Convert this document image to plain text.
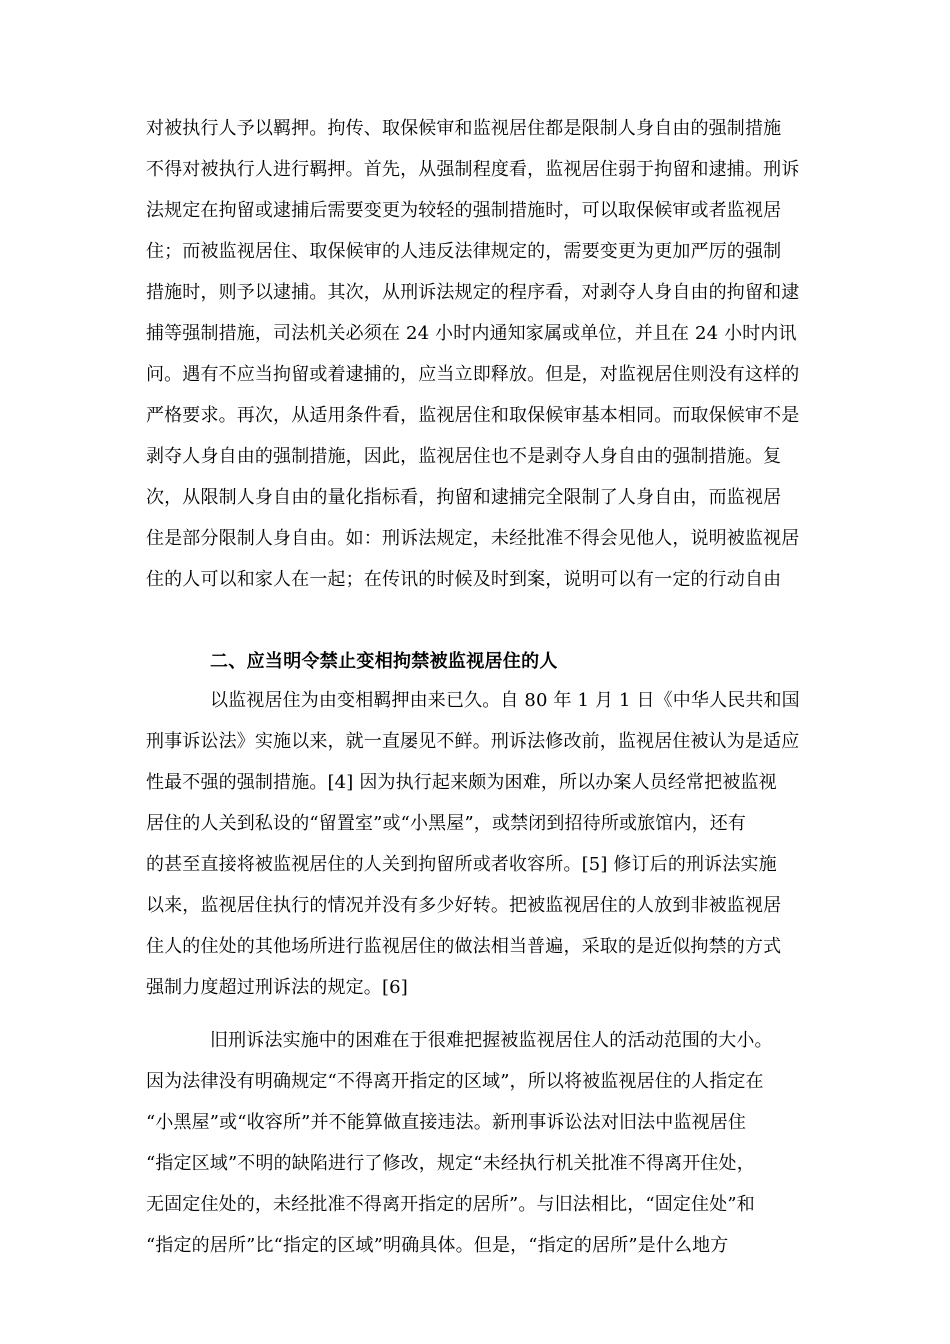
对被执行人予以羁押。拘传、取保候审和监视居住都是限制人身自由的强制措施
不得对被执行人进行羁押。首先，从强制程度看，监视居住弱于拘留和逮捕。刑诉
法规定在拘留或逮捕后需要变更为较轻的强制措施时，可以取保候审或者监视居
住；而被监视居住、取保候审的人违反法律规定的，需要变更为更加严厉的强制
措施时，则予以逮捕。其次，从刑诉法规定的程序看，对剥夺人身自由的拘留和逮
捕等强制措施，司法机关必须在 24 小时内通知家属或单位，并且在 24 小时内讯
问。遇有不应当拘留或着逮捕的，应当立即释放。但是，对监视居住则没有这样的
严格要求。再次，从适用条件看，监视居住和取保候审基本相同。而取保候审不是
剥夺人身自由的强制措施，因此，监视居住也不是剥夺人身自由的强制措施。复
次，从限制人身自由的量化指标看，拘留和逮捕完全限制了人身自由，而监视居
住是部分限制人身自由。如：刑诉法规定，未经批准不得会见他人，说明被监视居
住的人可以和家人在一起；在传讯的时候及时到案，说明可以有一定的行动自由
二、应当明令禁止变相拘禁被监视居住的人
以监视居住为由变相羁押由来已久。自 80 年 1 月 1 日《中华人民共和国
刑事诉讼法》实施以来，就一直屡见不鲜。刑诉法修改前，监视居住被认为是适应
性最不强的强制措施。[4] 因为执行起来颇为困难，所以办案人员经常把被监视
居住的人关到私设的“留置室”或“小黑屋”，或禁闭到招待所或旅馆内，还有
的甚至直接将被监视居住的人关到拘留所或者收容所。[5] 修订后的刑诉法实施
以来，监视居住执行的情况并没有多少好转。把被监视居住的人放到非被监视居
住人的住处的其他场所进行监视居住的做法相当普遍，采取的是近似拘禁的方式
强制力度超过刑诉法的规定。[6]
旧刑诉法实施中的困难在于很难把握被监视居住人的活动范围的大小。
因为法律没有明确规定“不得离开指定的区域”，所以将被监视居住的人指定在
“小黑屋”或“收容所”并不能算做直接违法。新刑事诉讼法对旧法中监视居住
“指定区域”不明的缺陷进行了修改，规定“未经执行机关批准不得离开住处，
无固定住处的，未经批准不得离开指定的居所”。与旧法相比，“固定住处”和
“指定的居所”比“指定的区域”明确具体。但是，“指定的居所”是什么地方
